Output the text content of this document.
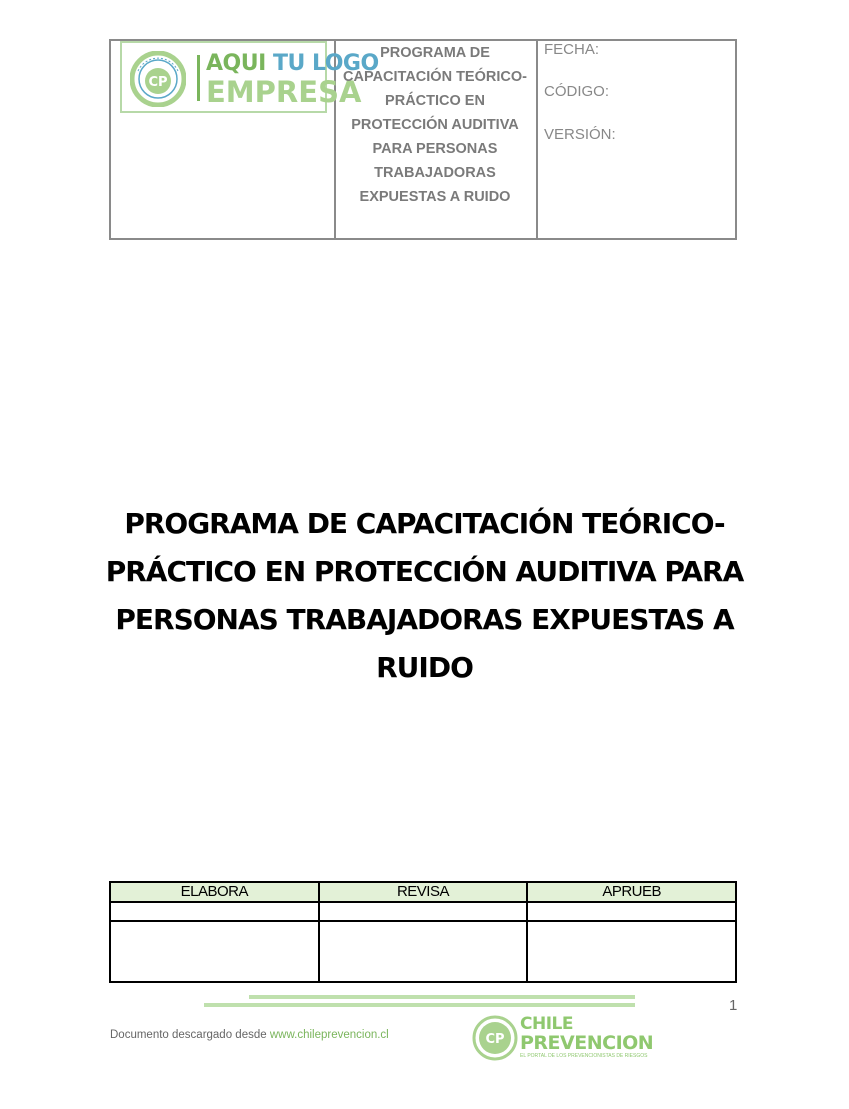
CP
AQUI TU LOGO
EMPRESA
PROGRAMA DE
CAPACITACIÓN TEÓRICO-
PRÁCTICO EN
PROTECCIÓN AUDITIVA
PARA PERSONAS
TRABAJADORAS
EXPUESTAS A RUIDO
FECHA:
CÓDIGO:
VERSIÓN:
PROGRAMA DE CAPACITACIÓN TEÓRICO-
PRÁCTICO EN PROTECCIÓN AUDITIVA PARA
PERSONAS TRABAJADORAS EXPUESTAS A
RUIDO
ELABORA	REVISA	APRUEB

1
Documento descargado desde www.chileprevencion.cl	CP
CHILE
PREVENCION
EL PORTAL DE LOS PREVENCIONISTAS DE RIESGOS
